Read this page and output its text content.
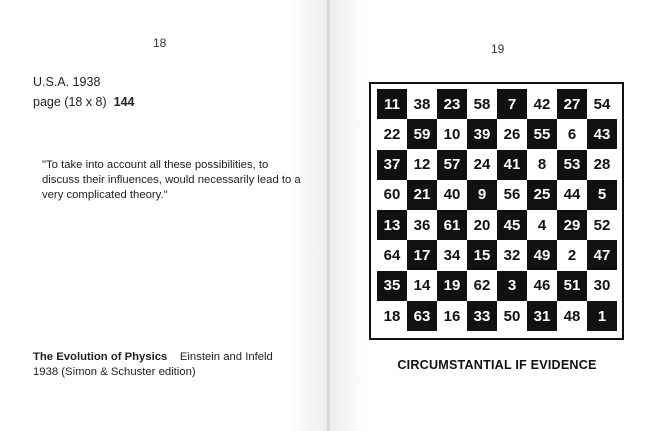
18
U.S.A. 1938
page (18 x 8) 144
"To take into account all these possibilities, to discuss their influences, would necessarily lead to a very complicated theory."
The Evolution of Physics Einstein and Infeld
1938 (Simon & Schuster edition)
19
11 38 23 58	7	42 27 54
22 59 10 39 26 55	6	43
37 12 57 24 41	8	53 28
60 21 40	9	56 25 44	5
13 36 61 20 45	4	29 52
64 17 34 15 32 49	2	47
35 14 19 62	3	46 51 30
18 63 16 33 50 31 48	1
CIRCUMSTANTIAL IF EVIDENCE
